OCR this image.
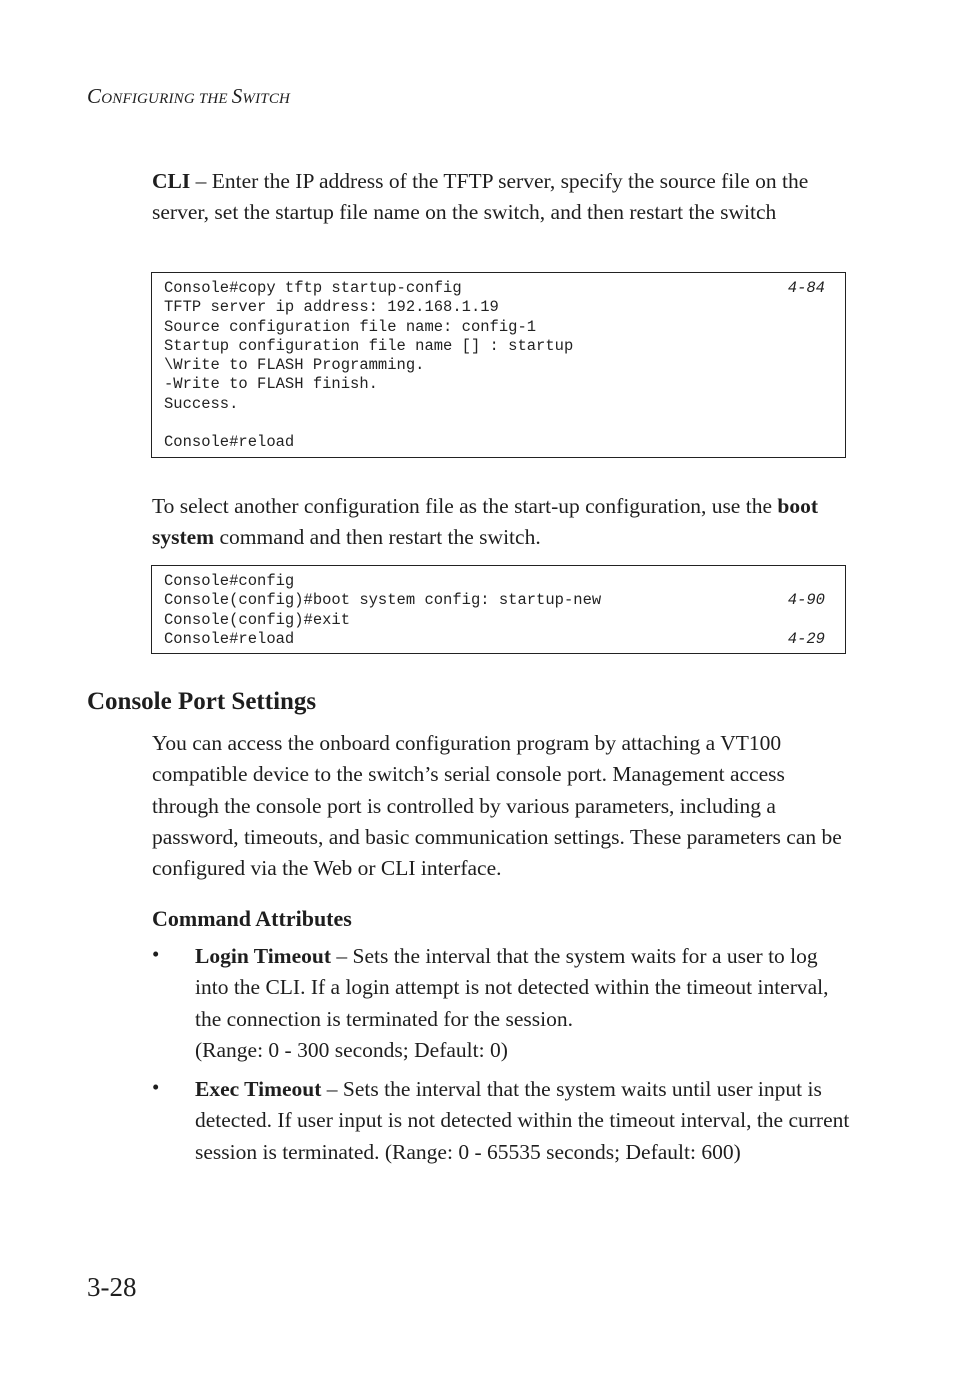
CONFIGURING THE SWITCH
CLI – Enter the IP address of the TFTP server, specify the source file on the server, set the startup file name on the switch, and then restart the switch
Console#copy tftp startup-config	4-84
TFTP server ip address: 192.168.1.19
Source configuration file name: config-1
Startup configuration file name [] : startup
\Write to FLASH Programming.
-Write to FLASH finish.
Success.
Console#reload
To select another configuration file as the start-up configuration, use the boot system command and then restart the switch.
Console#config
Console(config)#boot system config: startup-new	4-90
Console(config)#exit
Console#reload	4-29
Console Port Settings
You can access the onboard configuration program by attaching a VT100 compatible device to the switch’s serial console port. Management access through the console port is controlled by various parameters, including a password, timeouts, and basic communication settings. These parameters can be configured via the Web or CLI interface.
Command Attributes
• Login Timeout – Sets the interval that the system waits for a user to log into the CLI. If a login attempt is not detected within the timeout interval, the connection is terminated for the session.
(Range: 0 - 300 seconds; Default: 0)
• Exec Timeout – Sets the interval that the system waits until user input is detected. If user input is not detected within the timeout interval, the current session is terminated. (Range: 0 - 65535 seconds; Default: 600)
3-28
